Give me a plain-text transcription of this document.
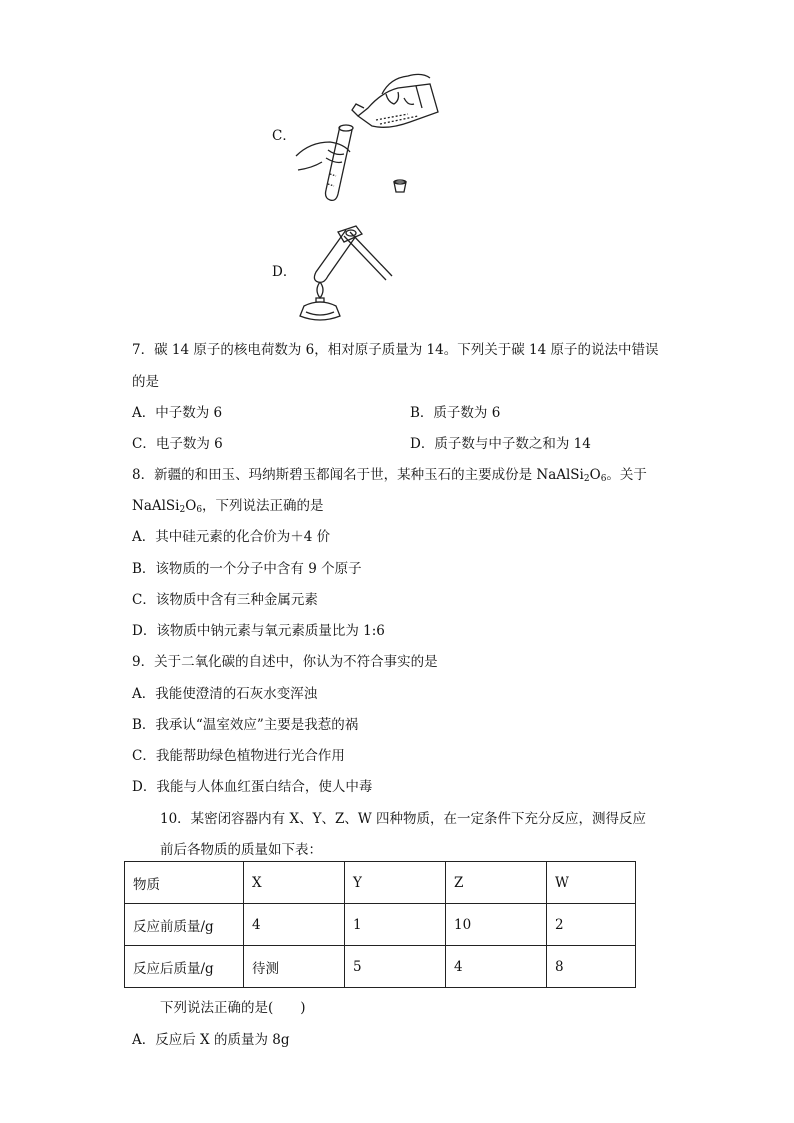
C．
D．
7．碳 14 原子的核电荷数为 6，相对原子质量为 14。下列关于碳 14 原子的说法中错误
的是
A．中子数为 6	B．质子数为 6
C．电子数为 6	D．质子数与中子数之和为 14
8．新疆的和田玉、玛纳斯碧玉都闻名于世，某种玉石的主要成份是 $NaAlSi_2O_6$。关于
$NaAlSi_2O_6$，下列说法正确的是
A．其中硅元素的化合价为＋4 价
B．该物质的一个分子中含有 9 个原子
C．该物质中含有三种金属元素
D．该物质中钠元素与氧元素质量比为 1:6
9．关于二氧化碳的自述中，你认为不符合事实的是
A．我能使澄清的石灰水变浑浊
B．我承认“温室效应”主要是我惹的祸
C．我能帮助绿色植物进行光合作用
D．我能与人体血红蛋白结合，使人中毒
10．某密闭容器内有 X、Y、Z、W 四种物质，在一定条件下充分反应，测得反应
前后各物质的质量如下表：
物质	X	Y	Z	W
反应前质量/g	4	1	10	2
反应后质量/g	待测	5	4	8
下列说法正确的是(　　)
A．反应后 X 的质量为 8g
